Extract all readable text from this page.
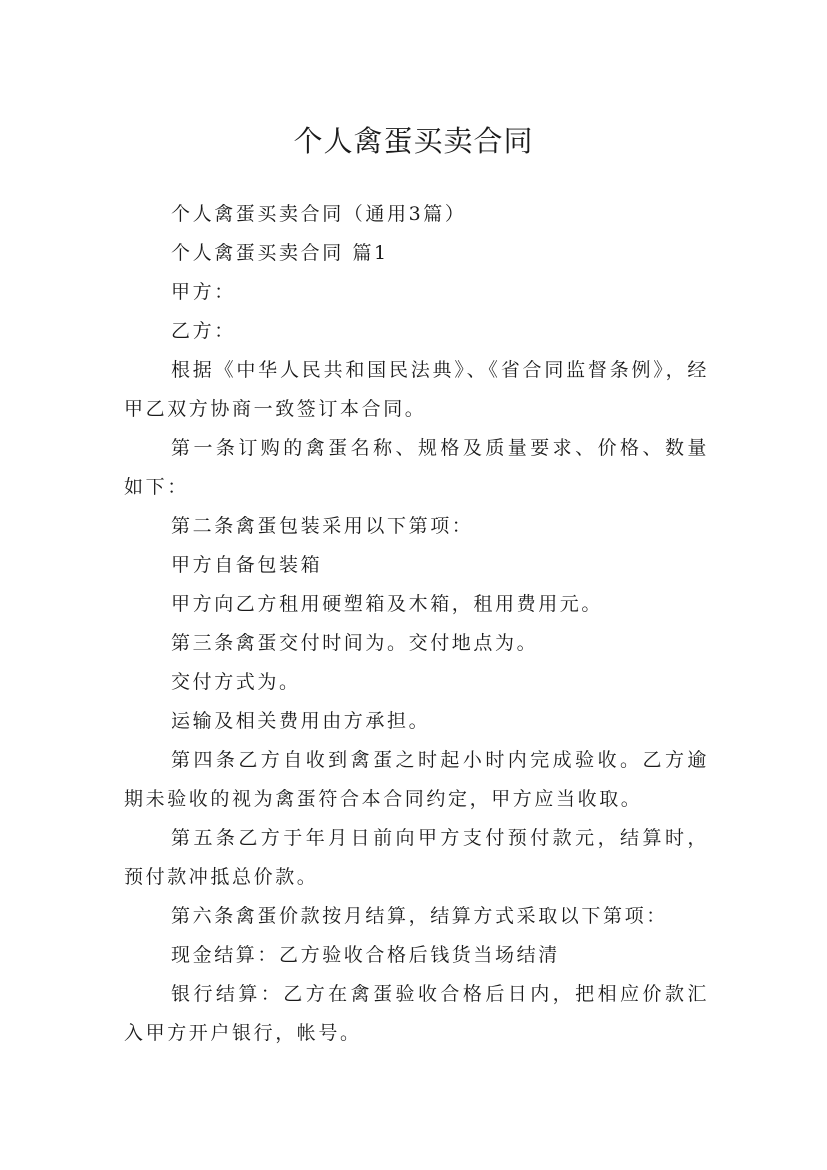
个人禽蛋买卖合同

个人禽蛋买卖合同（通用3篇）

个人禽蛋买卖合同 篇1

甲方：

乙方：

根据《中华人民共和国民法典》、《省合同监督条例》，经甲乙双方协商一致签订本合同。

第一条订购的禽蛋名称、规格及质量要求、价格、数量如下：

第二条禽蛋包装采用以下第项：

甲方自备包装箱

甲方向乙方租用硬塑箱及木箱，租用费用元。

第三条禽蛋交付时间为。交付地点为。

交付方式为。

运输及相关费用由方承担。

第四条乙方自收到禽蛋之时起小时内完成验收。乙方逾期未验收的视为禽蛋符合本合同约定，甲方应当收取。

第五条乙方于年月日前向甲方支付预付款元，结算时，预付款冲抵总价款。

第六条禽蛋价款按月结算，结算方式采取以下第项：

现金结算：乙方验收合格后钱货当场结清

银行结算：乙方在禽蛋验收合格后日内，把相应价款汇入甲方开户银行，帐号。
